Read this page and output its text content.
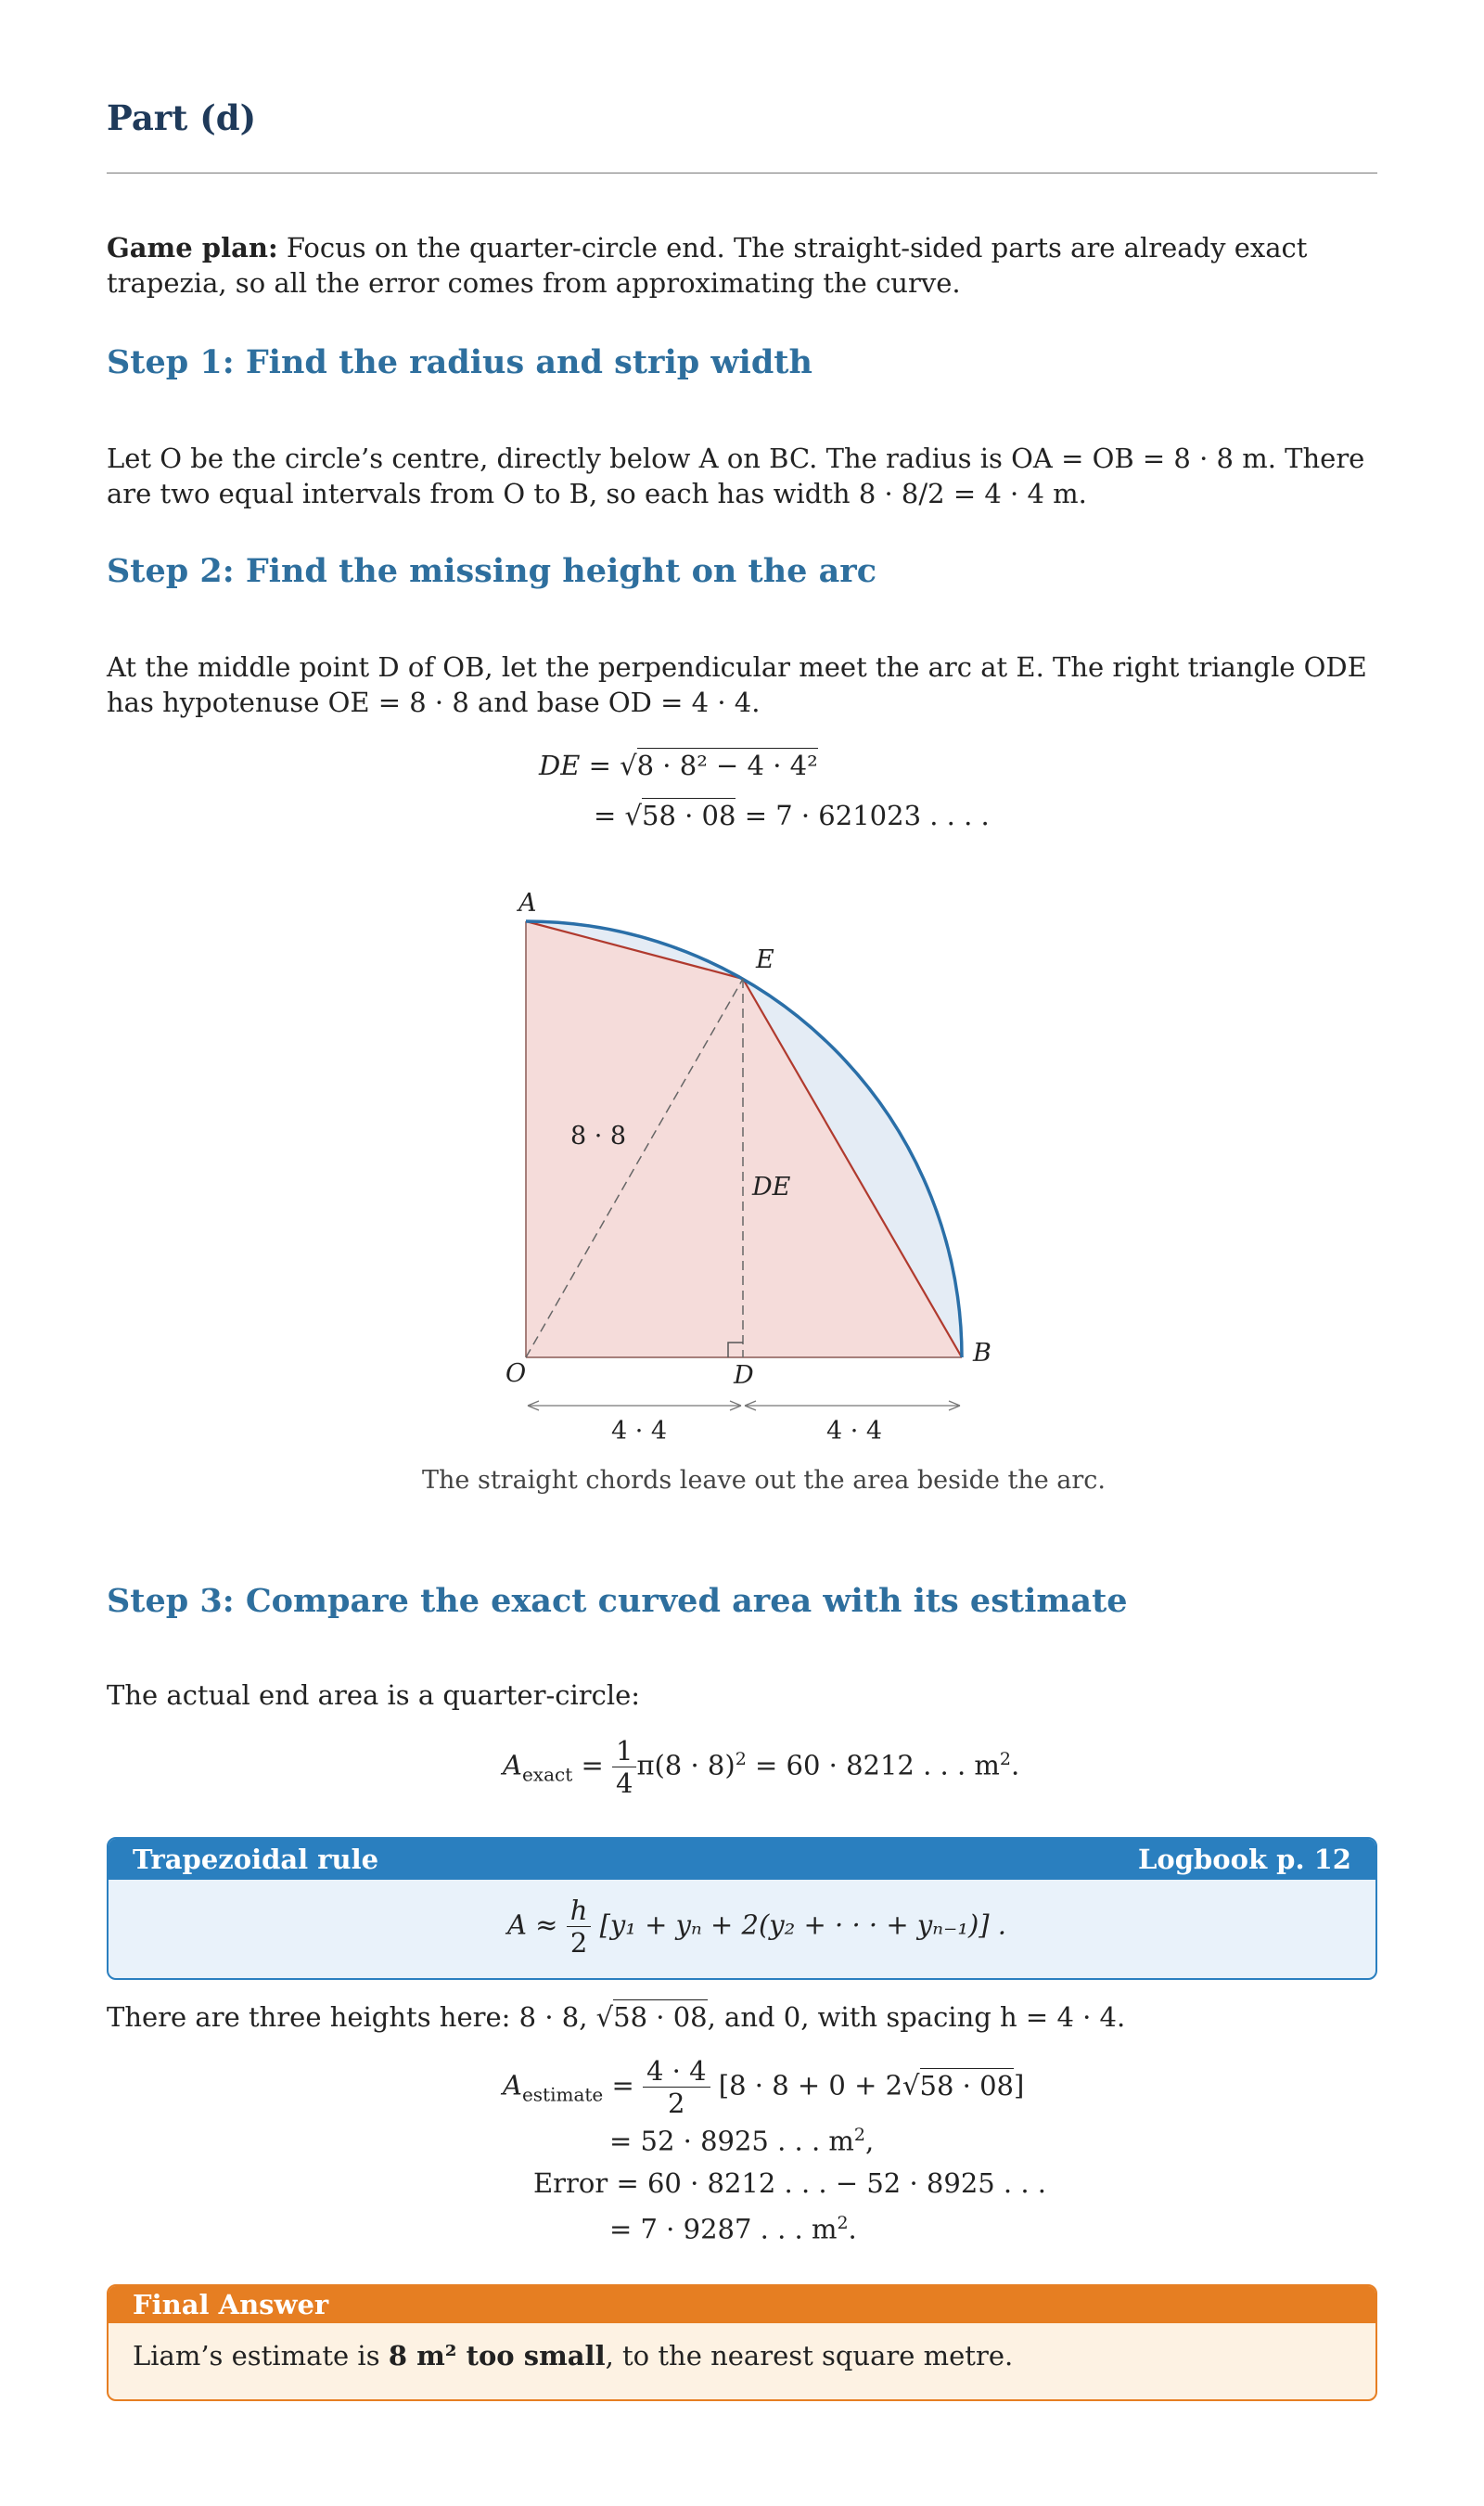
Part (d)
Game plan: Focus on the quarter-circle end. The straight-sided parts are already exact trapezia, so all the error comes from approximating the curve.
Step 1: Find the radius and strip width
Let O be the circle’s centre, directly below A on BC. The radius is OA = OB = 8 · 8 m. There are two equal intervals from O to B, so each has width 8 · 8/2 = 4 · 4 m.
Step 2: Find the missing height on the arc
At the middle point D of OB, let the perpendicular meet the arc at E. The right triangle ODE has hypotenuse OE = 8 · 8 and base OD = 4 · 4.
DE = √8 · 8² − 4 · 4²
= √58 · 08 = 7 · 621023 . . . .
A
E
O	D
B
8 · 8
DE
4 · 4	4 · 4
The straight chords leave out the area beside the arc.
Step 3: Compare the exact curved area with its estimate
The actual end area is a quarter-circle:
$A_{exact} = \frac{1}{4} \pi(8 \cdot 8)^2 = 60 \cdot 8212$ . . . $m^2$.
Trapezoidal rule	Logbook p. 12
$A \approx \frac{h}{2} [y_1 + y_n + 2(y_2$ + · · · + yₙ₋₁)] .
There are three heights here: 8 · 8, √58 · 08, and 0, with spacing h = 4 · 4.
$A_{estimate} = \frac{4 \cdot 4}{2} [8 \cdot 8 + 0 + 2√58 \cdot 08]$
= 52 · 8925 . . . $m^2$,
Error = 60 · 8212 . . . − 52 · 8925 . . .
= 7 · 9287 . . . $m^2$.
Final Answer
Liam’s estimate is 8 m² too small, to the nearest square metre.
